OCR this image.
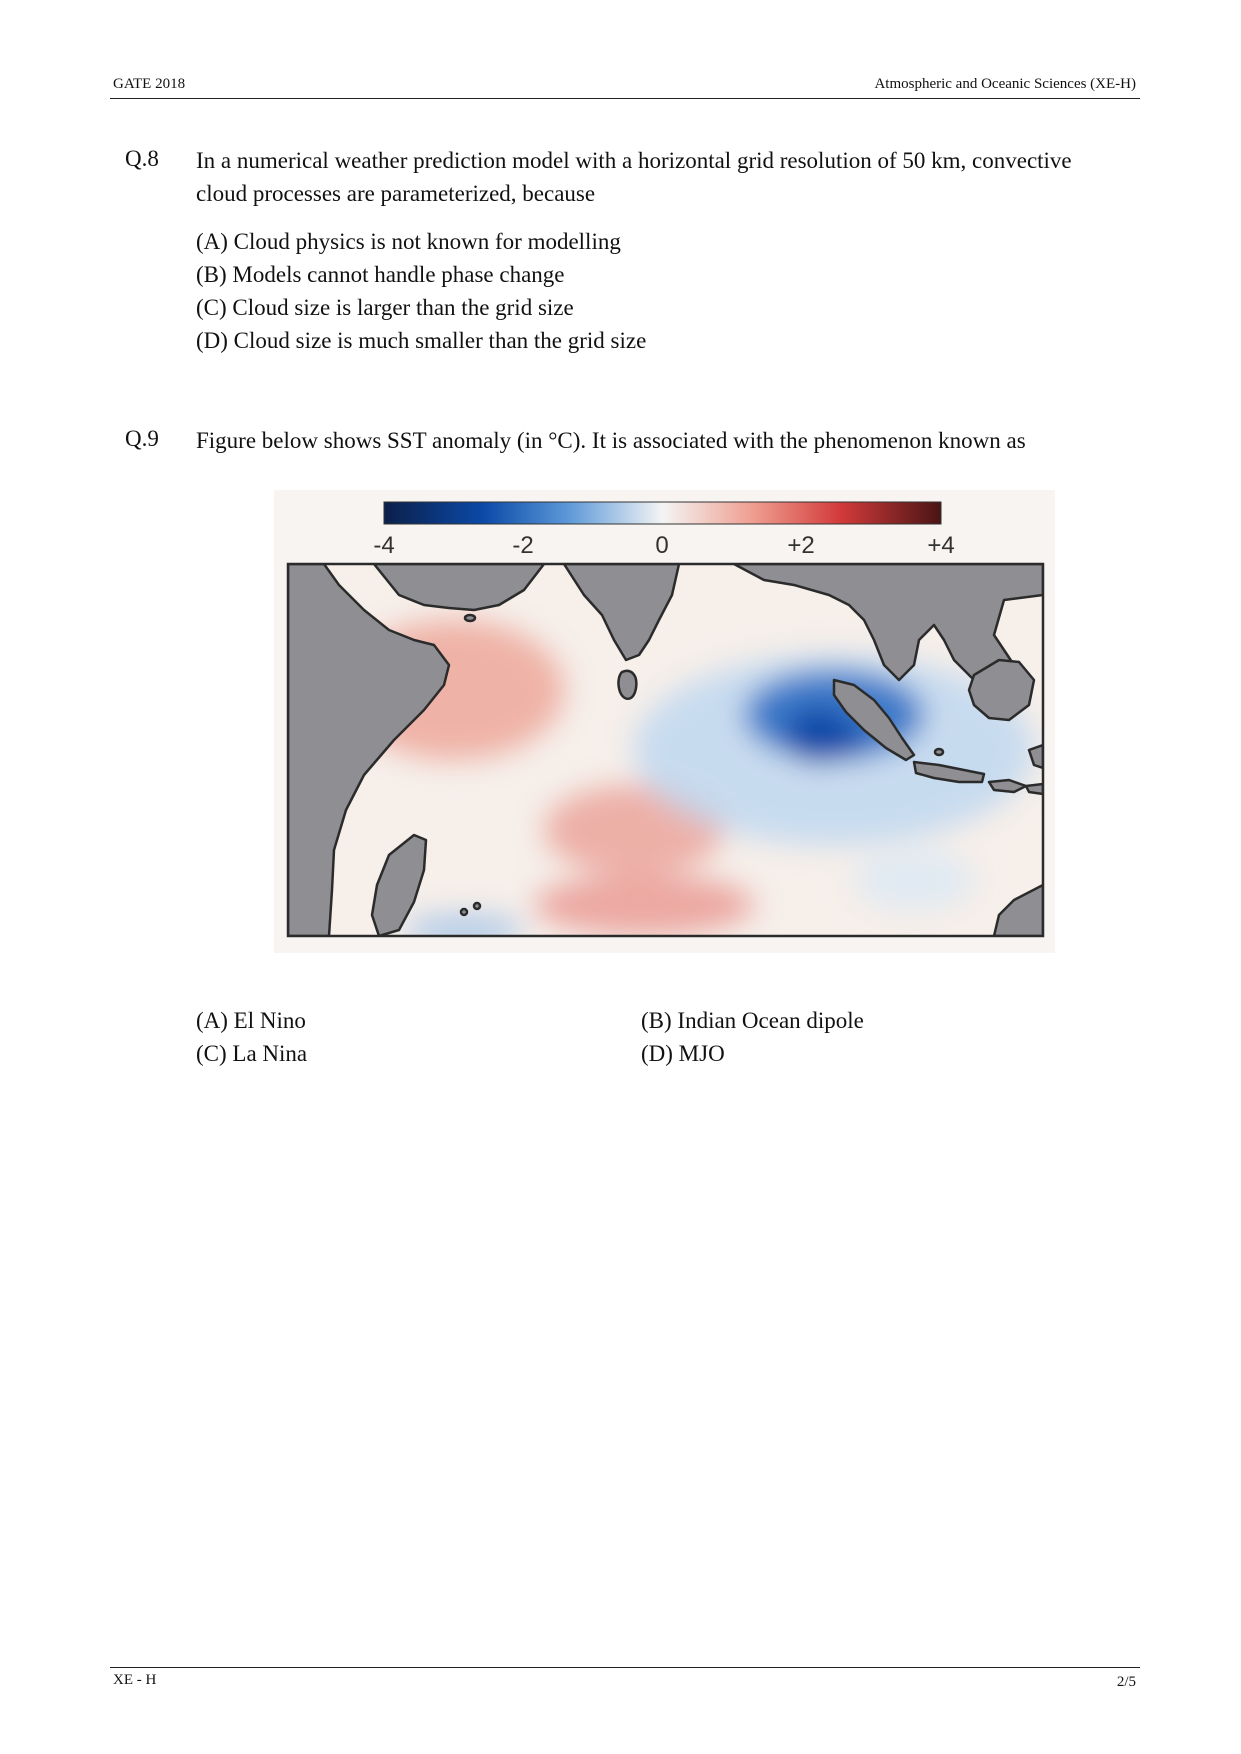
GATE 2018	Atmospheric and Oceanic Sciences (XE-H)
Q.8 In a numerical weather prediction model with a horizontal grid resolution of 50 km, convective cloud processes are parameterized, because
(A) Cloud physics is not known for modelling
(B) Models cannot handle phase change
(C) Cloud size is larger than the grid size
(D) Cloud size is much smaller than the grid size
Q.9 Figure below shows SST anomaly (in °C). It is associated with the phenomenon known as
-4	-2	0	+2	+4
(A) El Nino	(B) Indian Ocean dipole
(C) La Nina	(D) MJO
XE - H	2/5
